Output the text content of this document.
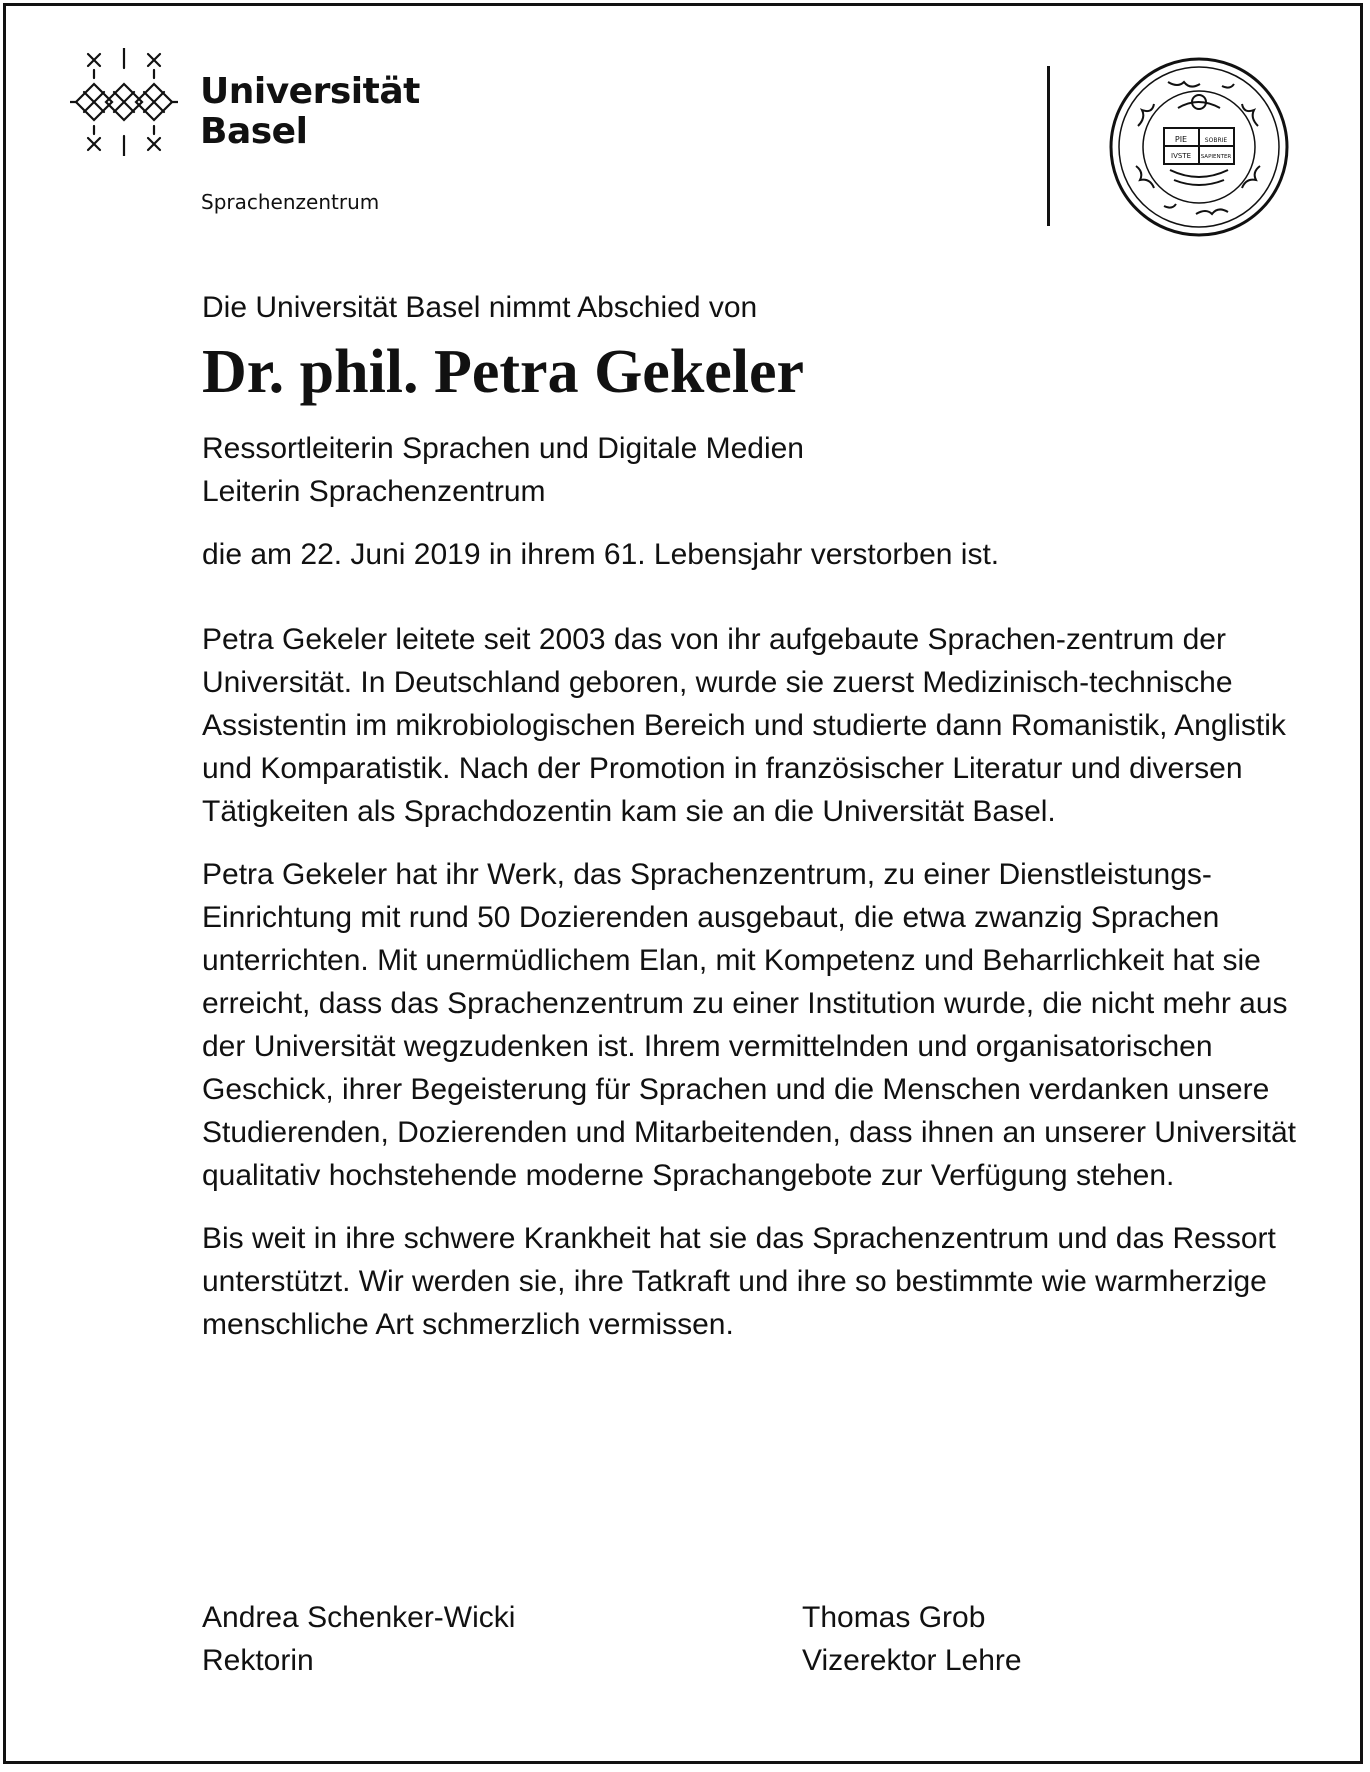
Universität
Basel
Sprachenzentrum
PIE	SOBRIE
IVSTE SAPIENTER

Die Universität Basel nimmt Abschied von

Dr. phil. Petra Gekeler

Ressortleiterin Sprachen und Digitale Medien
Leiterin Sprachenzentrum

die am 22. Juni 2019 in ihrem 61. Lebensjahr verstorben ist.

Petra Gekeler leitete seit 2003 das von ihr aufgebaute Sprachen-zentrum der Universität. In Deutschland geboren, wurde sie zuerst Medizinisch-technische Assistentin im mikrobiologischen Bereich und studierte dann Romanistik, Anglistik und Komparatistik. Nach der Promotion in französischer Literatur und diversen Tätigkeiten als Sprachdozentin kam sie an die Universität Basel.

Petra Gekeler hat ihr Werk, das Sprachenzentrum, zu einer Dienstleistungs-Einrichtung mit rund 50 Dozierenden ausgebaut, die etwa zwanzig Sprachen unterrichten. Mit unermüdlichem Elan, mit Kompetenz und Beharrlichkeit hat sie erreicht, dass das Sprachenzentrum zu einer Institution wurde, die nicht mehr aus der Universität wegzudenken ist. Ihrem vermittelnden und organisatorischen Geschick, ihrer Begeisterung für Sprachen und die Menschen verdanken unsere Studierenden, Dozierenden und Mitarbeitenden, dass ihnen an unserer Universität qualitativ hochstehende moderne Sprachangebote zur Verfügung stehen.

Bis weit in ihre schwere Krankheit hat sie das Sprachenzentrum und das Ressort unterstützt. Wir werden sie, ihre Tatkraft und ihre so bestimmte wie warmherzige menschliche Art schmerzlich vermissen.

Andrea Schenker-Wicki
Rektorin
Thomas Grob
Vizerektor Lehre
